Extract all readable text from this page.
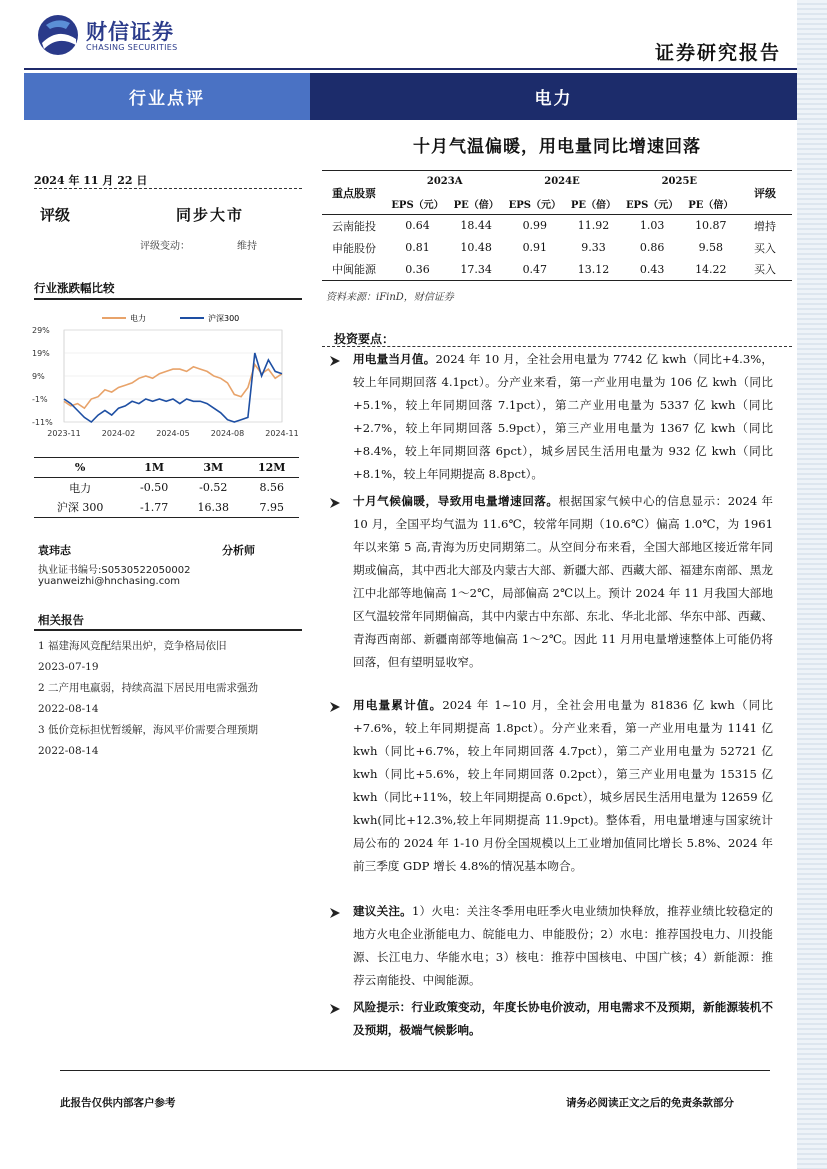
财信证券
CHASING SECURITIES	证券研究报告
行业点评	电力
十月气温偏暖，用电量同比增速回落
2024 年 11 月 22 日
评级	同步大市
评级变动：	维持
行业涨跌幅比较
电力	沪深300
29%
19%
9%
-1%
-11%
2023-11	2024-02	2024-05	2024-08	2024-11
%	1M	3M	12M
电力	-0.50	-0.52	8.56
沪深 300	-1.77	16.38	7.95
袁玮志	分析师
执业证书编号:S0530522050002
yuanweizhi@hnchasing.com
相关报告
1 福建海风竞配结果出炉，竞争格局依旧
2023-07-19
2 二产用电羸弱，持续高温下居民用电需求强劲
2022-08-14
3 低价竞标担忧暂缓解，海风平价需要合理预期
2022-08-14
重点股票	2023A		2024E		2025E		评级
	EPS（元）	PE（倍）	EPS（元）	PE（倍）	EPS（元）	PE（倍）	
云南能投	0.64	18.44	0.99	11.92	1.03	10.87	增持
申能股份	0.81	10.48	0.91	9.33	0.86	9.58	买入
中闽能源	0.36	17.34	0.47	13.12	0.43	14.22	买入
资料来源：iFinD，财信证券
投资要点：
用电量当月值。2024 年 10 月，全社会用电量为 7742 亿 kwh（同比+4.3%，较上年同期回落 4.1pct）。分产业来看，第一产业用电量为 106 亿 kwh（同比+5.1%，较上年同期回落 7.1pct），第二产业用电量为 5337 亿 kwh（同比+2.7%，较上年同期回落 5.9pct），第三产业用电量为 1367 亿 kwh（同比+8.4%，较上年同期回落 6pct），城乡居民生活用电量为 932 亿 kwh（同比+8.1%，较上年同期提高 8.8pct）。
十月气候偏暖，导致用电量增速回落。根据国家气候中心的信息显示：2024 年 10 月，全国平均气温为 11.6℃，较常年同期（10.6℃）偏高 1.0℃，为 1961 年以来第 5 高,青海为历史同期第二。从空间分布来看，全国大部地区接近常年同期或偏高，其中西北大部及内蒙古大部、新疆大部、西藏大部、福建东南部、黑龙江中北部等地偏高 1～2℃，局部偏高 2℃以上。预计 2024 年 11 月我国大部地区气温较常年同期偏高，其中内蒙古中东部、东北、华北北部、华东中部、西藏、青海西南部、新疆南部等地偏高 1～2℃。因此 11 月用电量增速整体上可能仍将回落，但有望明显收窄。
用电量累计值。2024 年 1~10 月，全社会用电量为 81836 亿 kwh（同比+7.6%，较上年同期提高 1.8pct）。分产业来看，第一产业用电量为 1141 亿 kwh（同比+6.7%，较上年同期回落 4.7pct），第二产业用电量为 52721 亿 kwh（同比+5.6%，较上年同期回落 0.2pct），第三产业用电量为 15315 亿 kwh（同比+11%，较上年同期提高 0.6pct），城乡居民生活用电量为 12659 亿 kwh(同比+12.3%,较上年同期提高 11.9pct)。整体看，用电量增速与国家统计局公布的 2024 年 1-10 月份全国规模以上工业增加值同比增长 5.8%、2024 年前三季度 GDP 增长 4.8%的情况基本吻合。
建议关注。1）火电：关注冬季用电旺季火电业绩加快释放，推荐业绩比较稳定的地方火电企业浙能电力、皖能电力、申能股份；2）水电：推荐国投电力、川投能源、长江电力、华能水电；3）核电：推荐中国核电、中国广核；4）新能源：推荐云南能投、中闽能源。
风险提示：行业政策变动，年度长协电价波动，用电需求不及预期，新能源装机不及预期，极端气候影响。
此报告仅供内部客户参考	请务必阅读正文之后的免责条款部分
